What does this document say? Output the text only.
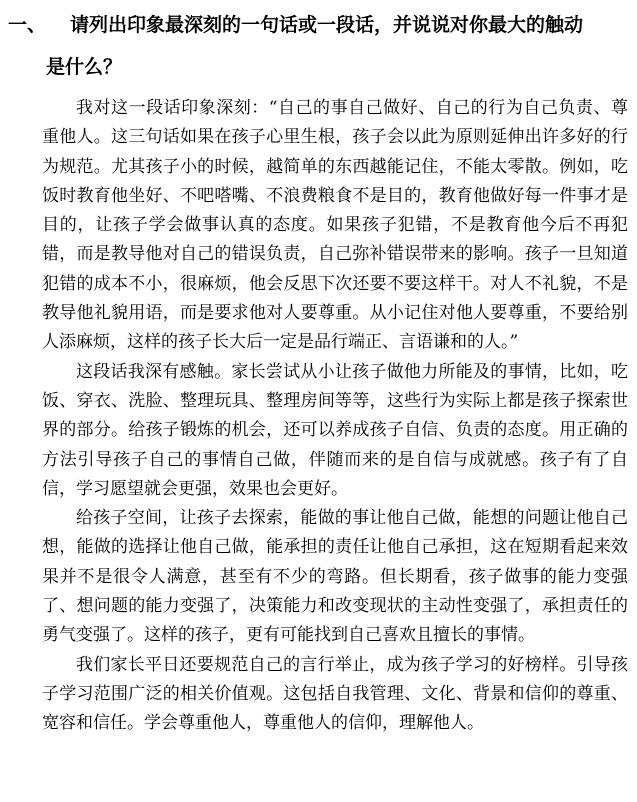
一、 请列出印象最深刻的一句话或一段话，并说说对你最大的触动
是什么？

我对这一段话印象深刻：“自己的事自己做好、自己的行为自己负责、尊重他人。这三句话如果在孩子心里生根，孩子会以此为原则延伸出许多好的行为规范。尤其孩子小的时候，越简单的东西越能记住，不能太零散。例如，吃饭时教育他坐好、不吧嗒嘴、不浪费粮食不是目的，教育他做好每一件事才是目的，让孩子学会做事认真的态度。如果孩子犯错，不是教育他今后不再犯错，而是教导他对自己的错误负责，自己弥补错误带来的影响。孩子一旦知道犯错的成本不小，很麻烦，他会反思下次还要不要这样干。对人不礼貌，不是教导他礼貌用语，而是要求他对人要尊重。从小记住对他人要尊重，不要给别人添麻烦，这样的孩子长大后一定是品行端正、言语谦和的人。”

这段话我深有感触。家长尝试从小让孩子做他力所能及的事情，比如，吃饭、穿衣、洗脸、整理玩具、整理房间等等，这些行为实际上都是孩子探索世界的部分。给孩子锻炼的机会，还可以养成孩子自信、负责的态度。用正确的方法引导孩子自己的事情自己做，伴随而来的是自信与成就感。孩子有了自信，学习愿望就会更强，效果也会更好。

给孩子空间，让孩子去探索，能做的事让他自己做，能想的问题让他自己想，能做的选择让他自己做，能承担的责任让他自己承担，这在短期看起来效果并不是很令人满意，甚至有不少的弯路。但长期看，孩子做事的能力变强了、想问题的能力变强了，决策能力和改变现状的主动性变强了，承担责任的勇气变强了。这样的孩子，更有可能找到自己喜欢且擅长的事情。

我们家长平日还要规范自己的言行举止，成为孩子学习的好榜样。引导孩子学习范围广泛的相关价值观。这包括自我管理、文化、背景和信仰的尊重、宽容和信任。学会尊重他人，尊重他人的信仰，理解他人。
